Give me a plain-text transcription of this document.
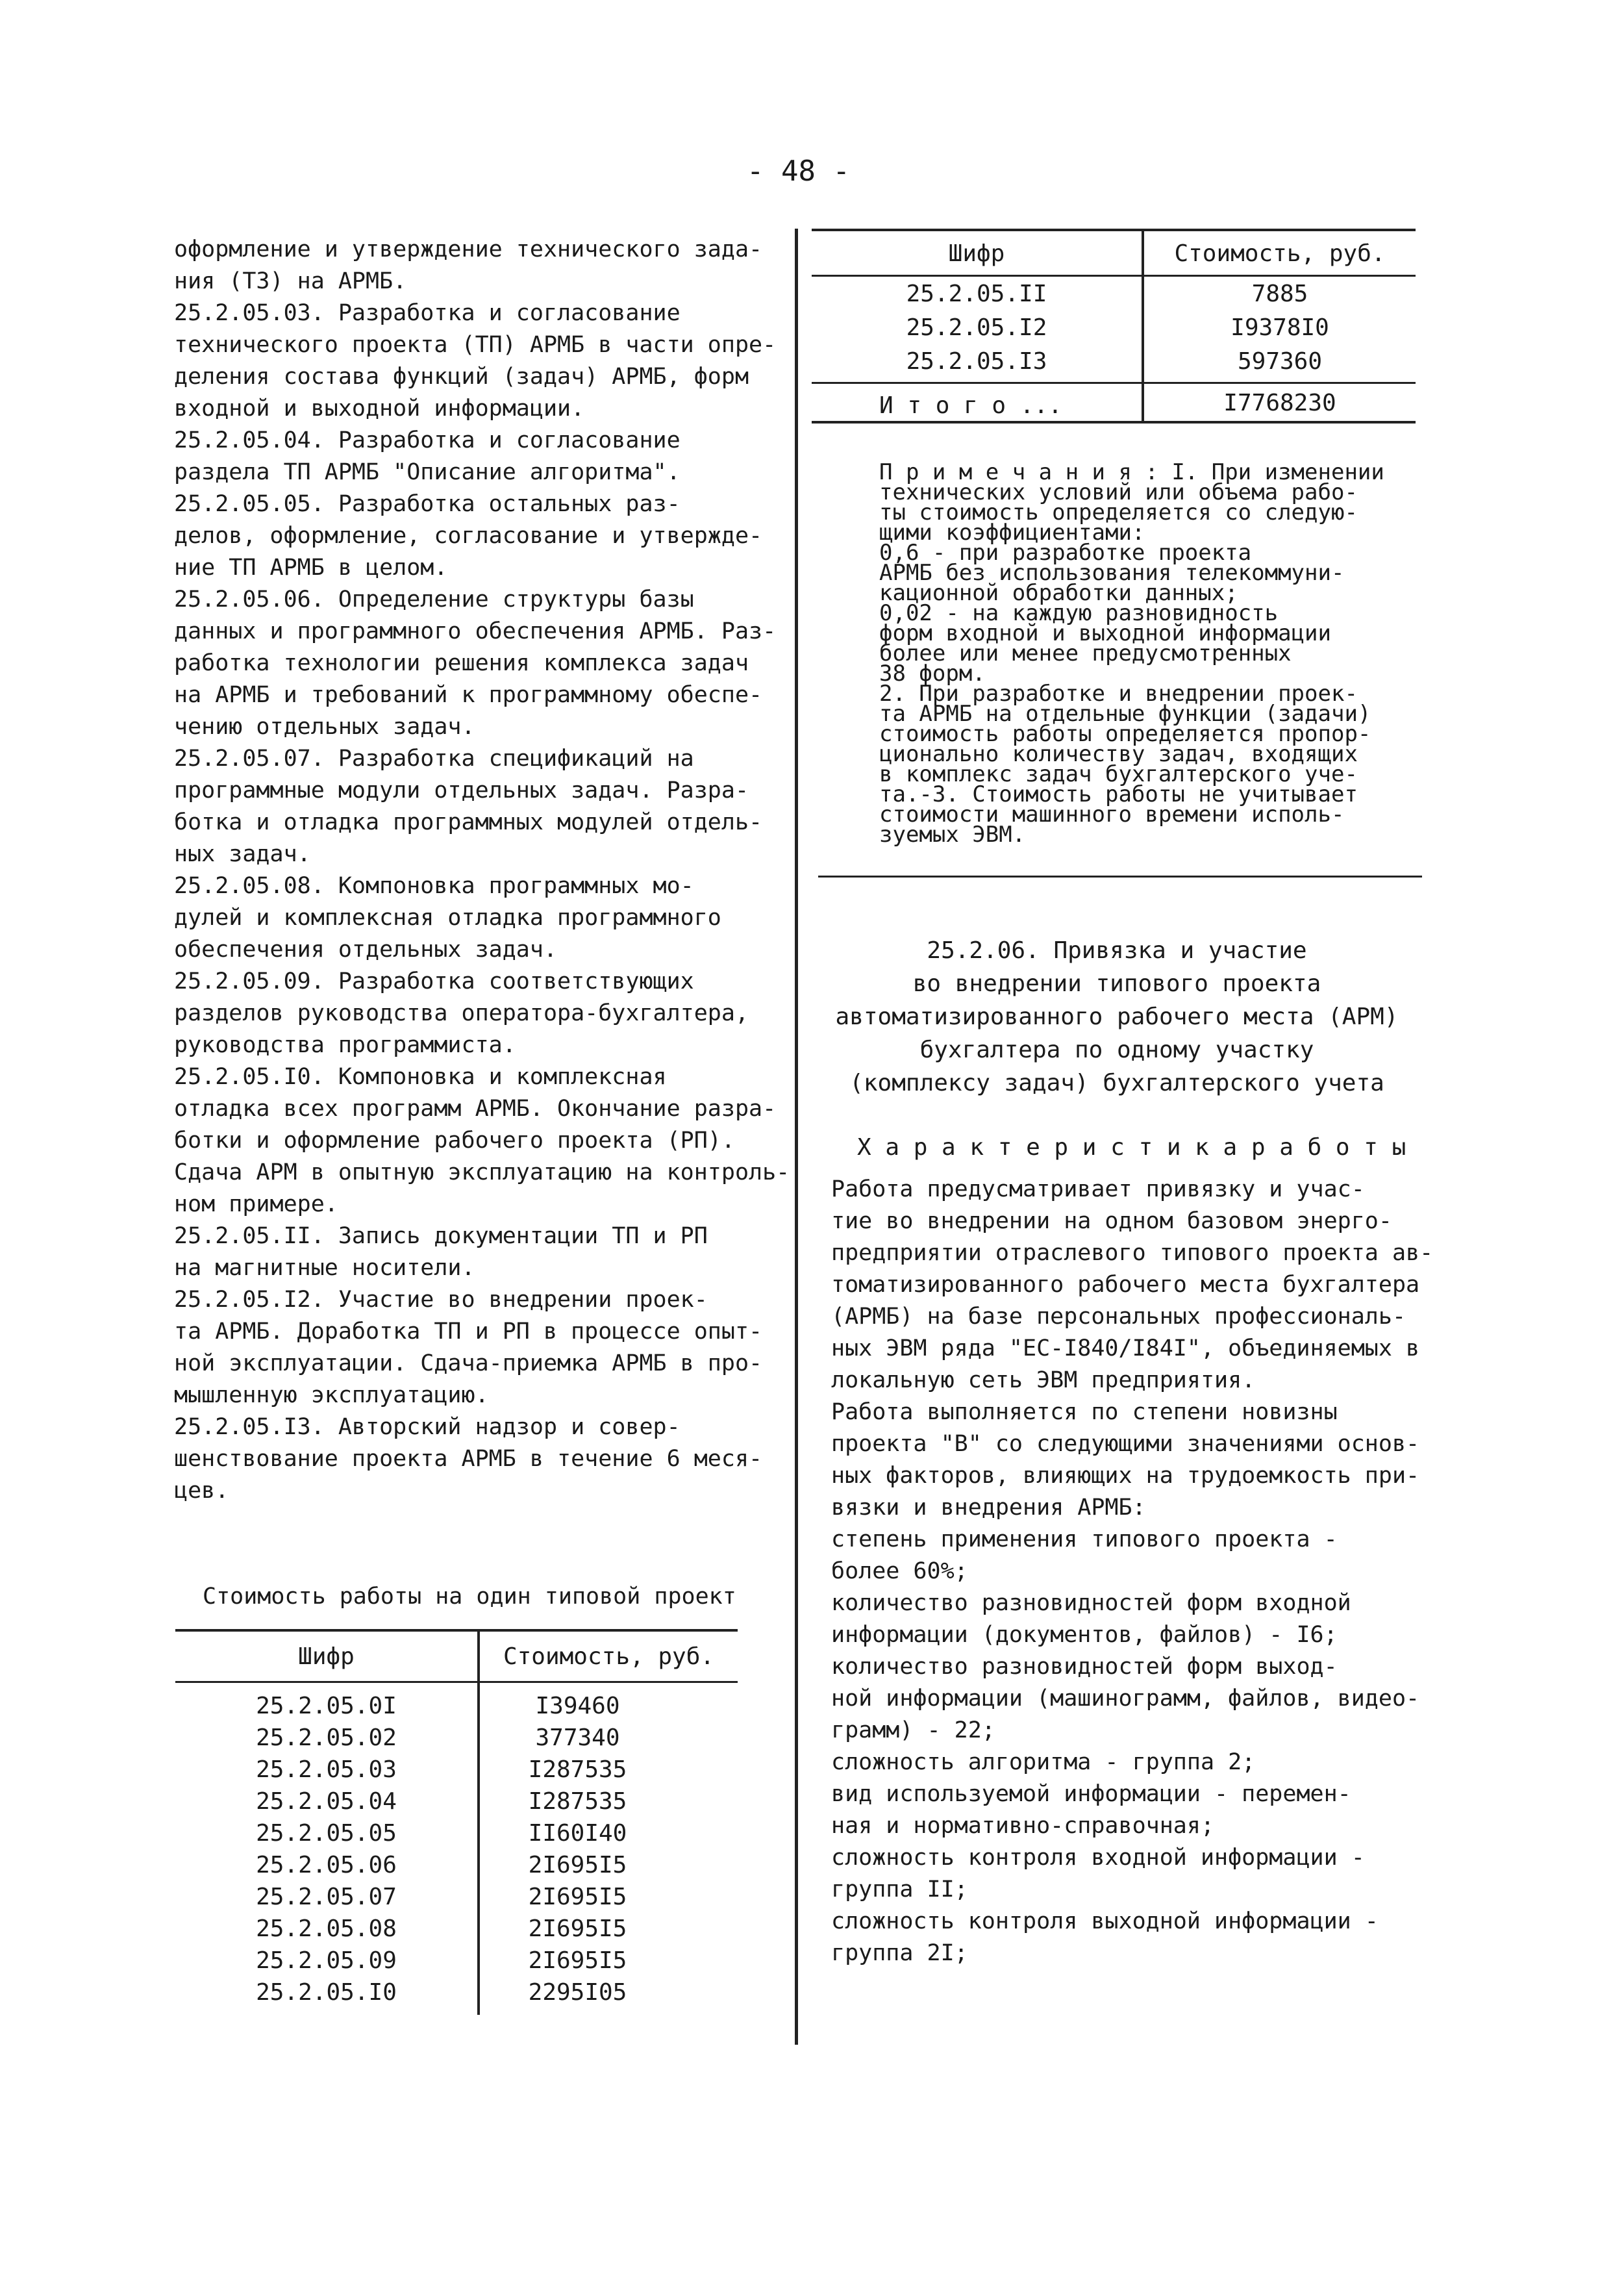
- 48 -
оформление и утверждение технического зада-
ния (ТЗ) на АРМБ.
25.2.05.03. Разработка и согласование
технического проекта (ТП) АРМБ в части опре-
деления состава функций (задач) АРМБ, форм
входной и выходной информации.
25.2.05.04. Разработка и согласование
раздела ТП АРМБ "Описание алгоритма".
25.2.05.05. Разработка остальных раз-
делов, оформление, согласование и утвержде-
ние ТП АРМБ в целом.
25.2.05.06. Определение структуры базы
данных и программного обеспечения АРМБ. Раз-
работка технологии решения комплекса задач
на АРМБ и требований к программному обеспе-
чению отдельных задач.
25.2.05.07. Разработка спецификаций на
программные модули отдельных задач. Разра-
ботка и отладка программных модулей отдель-
ных задач.
25.2.05.08. Компоновка программных мо-
дулей и комплексная отладка программного
обеспечения отдельных задач.
25.2.05.09. Разработка соответствующих
разделов руководства оператора-бухгалтера,
руководства программиста.
25.2.05.I0. Компоновка и комплексная
отладка всех программ АРМБ. Окончание разра-
ботки и оформление рабочего проекта (РП).
Сдача АРМ в опытную эксплуатацию на контроль-
ном примере.
25.2.05.II. Запись документации ТП и РП
на магнитные носители.
25.2.05.I2. Участие во внедрении проек-
та АРМБ. Доработка ТП и РП в процессе опыт-
ной эксплуатации. Сдача-приемка АРМБ в про-
мышленную эксплуатацию.
25.2.05.I3. Авторский надзор и совер-
шенствование проекта АРМБ в течение 6 меся-
цев.
Стоимость работы на один типовой проект
Шифр	Стоимость, руб.
25.2.05.0I	I39460
25.2.05.02	377340
25.2.05.03	I287535
25.2.05.04	I287535
25.2.05.05	II60I40
25.2.05.06	2I695I5
25.2.05.07	2I695I5
25.2.05.08	2I695I5
25.2.05.09	2I695I5
25.2.05.I0	2295I05
Шифр	Стоимость, руб.
25.2.05.II	7885
25.2.05.I2	I9378I0
25.2.05.I3	597360
И т о г о ...	I7768230
П р и м е ч а н и я : I. При изменении
технических условий или объема рабо-
ты стоимость определяется со следую-
щими коэффициентами:
0,6 - при разработке проекта
АРМБ без использования телекоммуни-
кационной обработки данных;
0,02 - на каждую разновидность
форм входной и выходной информации
более или менее предусмотренных
38 форм.
2. При разработке и внедрении проек-
та АРМБ на отдельные функции (задачи)
стоимость работы определяется пропор-
ционально количеству задач, входящих
в комплекс задач бухгалтерского уче-
та.-3. Стоимость работы не учитывает
стоимости машинного времени исполь-
зуемых ЭВМ.
25.2.06. Привязка и участие
во внедрении типового проекта
автоматизированного рабочего места (АРМ)
бухгалтера по одному участку
(комплексу задач) бухгалтерского учета
Х а р а к т е р и с т и к а р а б о т ы
Работа предусматривает привязку и учас-
тие во внедрении на одном базовом энерго-
предприятии отраслевого типового проекта ав-
томатизированного рабочего места бухгалтера
(АРМБ) на базе персональных профессиональ-
ных ЭВМ ряда "ЕС-I840/I84I", объединяемых в
локальную сеть ЭВМ предприятия.
Работа выполняется по степени новизны
проекта "В" со следующими значениями основ-
ных факторов, влияющих на трудоемкость при-
вязки и внедрения АРМБ:
степень применения типового проекта -
более 60%;
количество разновидностей форм входной
информации (документов, файлов) - I6;
количество разновидностей форм выход-
ной информации (машинограмм, файлов, видео-
грамм) - 22;
сложность алгоритма - группа 2;
вид используемой информации - перемен-
ная и нормативно-справочная;
сложность контроля входной информации -
группа II;
сложность контроля выходной информации -
группа 2I;
